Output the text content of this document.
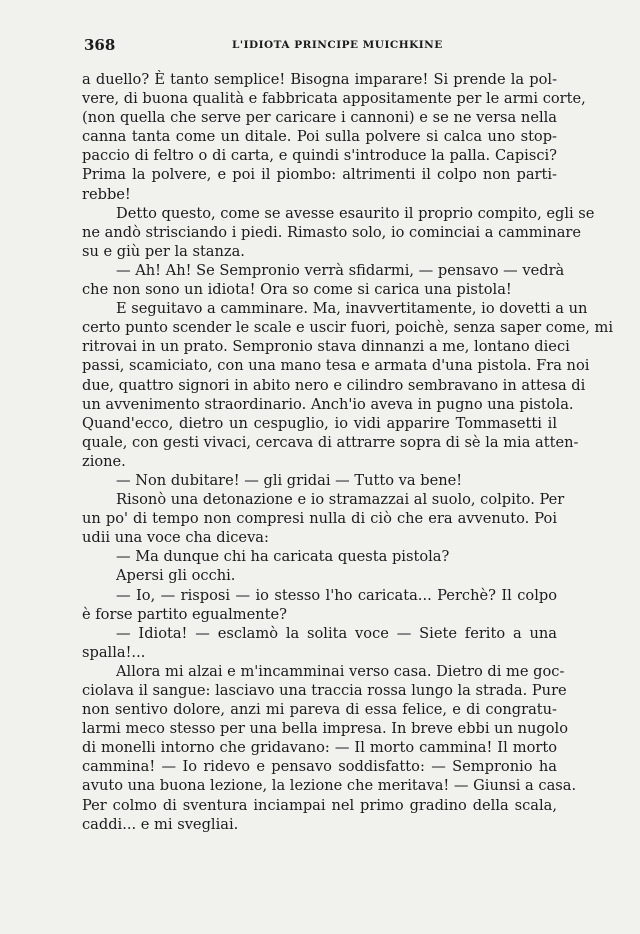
368	L'IDIOTA PRINCIPE MUICHKINE
a duello? È tanto semplice! Bisogna imparare! Si prende la pol-
vere, di buona qualità e fabbricata appositamente per le armi corte,
(non quella che serve per caricare i cannoni) e se ne versa nella
canna tanta come un ditale. Poi sulla polvere si calca uno stop-
paccio di feltro o di carta, e quindi s'introduce la palla. Capisci?
Prima la polvere, e poi il piombo: altrimenti il colpo non parti-
rebbe!
Detto questo, come se avesse esaurito il proprio compito, egli se
ne andò strisciando i piedi. Rimasto solo, io cominciai a camminare
su e giù per la stanza.
— Ah! Ah! Se Sempronio verrà sfidarmi, — pensavo — vedrà
che non sono un idiota! Ora so come si carica una pistola!
E seguitavo a camminare. Ma, inavvertitamente, io dovetti a un
certo punto scender le scale e uscir fuori, poichè, senza saper come, mi
ritrovai in un prato. Sempronio stava dinnanzi a me, lontano dieci
passi, scamiciato, con una mano tesa e armata d'una pistola. Fra noi
due, quattro signori in abito nero e cilindro sembravano in attesa di
un avvenimento straordinario. Anch'io aveva in pugno una pistola.
Quand'ecco, dietro un cespuglio, io vidi apparire Tommasetti il
quale, con gesti vivaci, cercava di attrarre sopra di sè la mia atten-
zione.
— Non dubitare! — gli gridai — Tutto va bene!
Risonò una detonazione e io stramazzai al suolo, colpito. Per
un po' di tempo non compresi nulla di ciò che era avvenuto. Poi
udii una voce cha diceva:
— Ma dunque chi ha caricata questa pistola?
Apersi gli occhi.
— Io, — risposi — io stesso l'ho caricata... Perchè? Il colpo
è forse partito egualmente?
— Idiota! — esclamò la solita voce — Siete ferito a una
spalla!...
Allora mi alzai e m'incamminai verso casa. Dietro di me goc-
ciolava il sangue: lasciavo una traccia rossa lungo la strada. Pure
non sentivo dolore, anzi mi pareva di essa felice, e di congratu-
larmi meco stesso per una bella impresa. In breve ebbi un nugolo
di monelli intorno che gridavano: — Il morto cammina! Il morto
cammina! — Io ridevo e pensavo soddisfatto: — Sempronio ha
avuto una buona lezione, la lezione che meritava! — Giunsi a casa.
Per colmo di sventura inciampai nel primo gradino della scala,
caddi... e mi svegliai.
